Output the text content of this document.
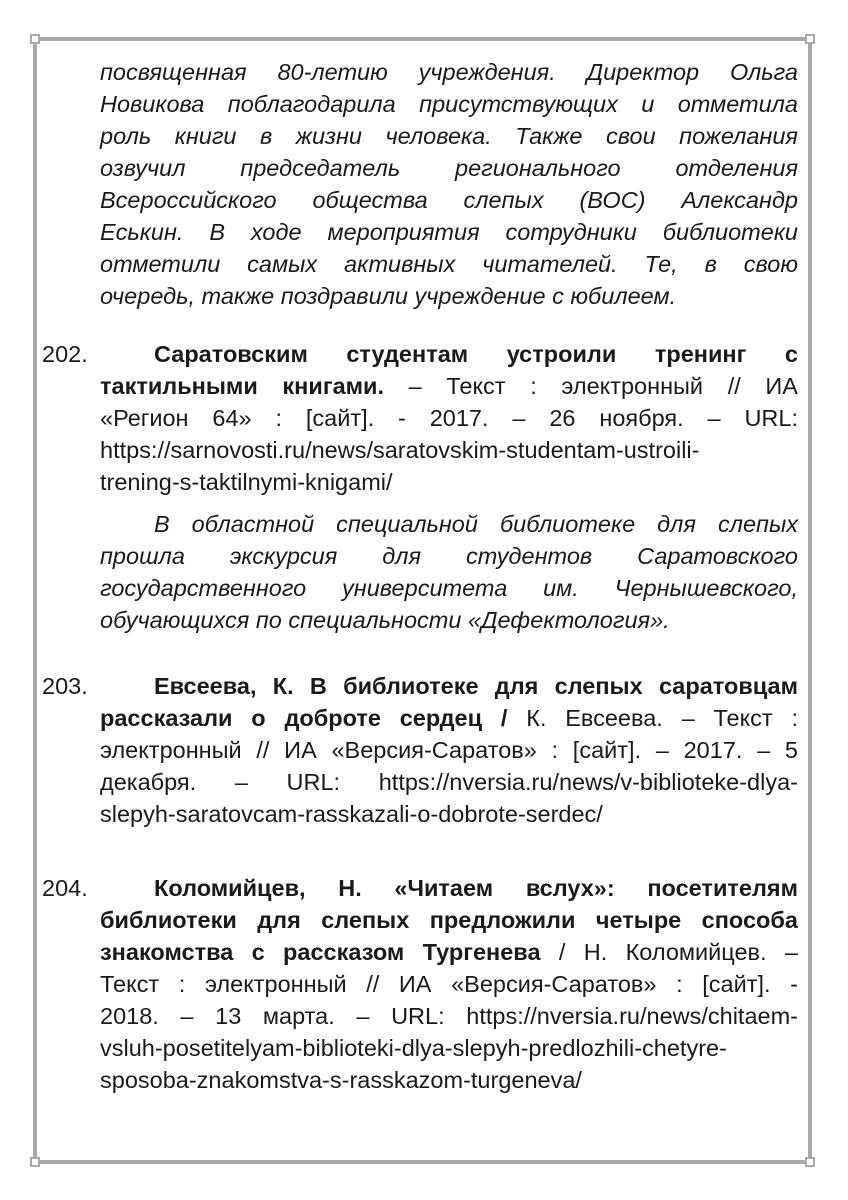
посвященная 80-летию учреждения. Директор Ольга
Новикова поблагодарила присутствующих и отметила
роль книги в жизни человека. Также свои пожелания
озвучил председатель регионального отделения
Всероссийского общества слепых (ВОС) Александр
Еськин. В ходе мероприятия сотрудники библиотеки
отметили самых активных читателей. Те, в свою
очередь, также поздравили учреждение с юбилеем.
202.	Саратовским студентам устроили тренинг с
тактильными книгами. – Текст : электронный // ИА
«Регион 64» : [сайт]. - 2017. – 26 ноября. – URL:
https://sarnovosti.ru/news/saratovskim-studentam-ustroili-
trening-s-taktilnymi-knigami/
В областной специальной библиотеке для слепых
прошла экскурсия для студентов Саратовского
государственного университета им. Чернышевского,
обучающихся по специальности «Дефектология».
203.	Евсеева, К. В библиотеке для слепых саратовцам
рассказали о доброте сердец / К. Евсеева. – Текст :
электронный // ИА «Версия-Саратов» : [сайт]. – 2017. – 5
декабря. – URL: https://nversia.ru/news/v-biblioteke-dlya-
slepyh-saratovcam-rasskazali-o-dobrote-serdec/
204.	Коломийцев, Н. «Читаем вслух»: посетителям
библиотеки для слепых предложили четыре способа
знакомства с рассказом Тургенева / Н. Коломийцев. –
Текст : электронный // ИА «Версия-Саратов» : [сайт]. -
2018. – 13 марта. – URL: https://nversia.ru/news/chitaem-
vsluh-posetitelyam-biblioteki-dlya-slepyh-predlozhili-chetyre-
sposoba-znakomstva-s-rasskazom-turgeneva/
